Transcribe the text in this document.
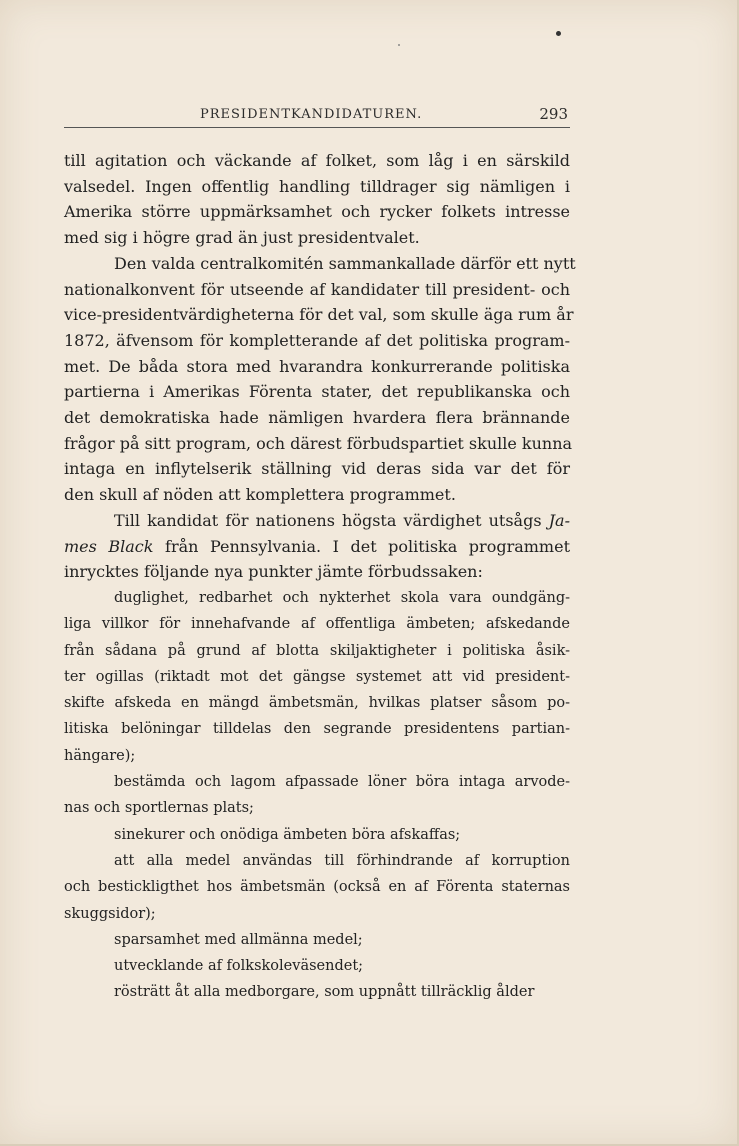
PRESIDENTKANDIDATUREN.	293
till agitation och väckande af folket, som låg i en särskild
valsedel. Ingen offentlig handling tilldrager sig nämligen i
Amerika större uppmärksamhet och rycker folkets intresse
med sig i högre grad än just presidentvalet.
Den valda centralkomitén sammankallade därför ett nytt
nationalkonvent för utseende af kandidater till president- och
vice-presidentvärdigheterna för det val, som skulle äga rum år
1872, äfvensom för kompletterande af det politiska program-
met. De båda stora med hvarandra konkurrerande politiska
partierna i Amerikas Förenta stater, det republikanska och
det demokratiska hade nämligen hvardera flera brännande
frågor på sitt program, och därest förbudspartiet skulle kunna
intaga en inflytelserik ställning vid deras sida var det för
den skull af nöden att komplettera programmet.
Till kandidat för nationens högsta värdighet utsågs Ja-
mes Black från Pennsylvania. I det politiska programmet
inrycktes följande nya punkter jämte förbudssaken:
duglighet, redbarhet och nykterhet skola vara oundgäng-
liga villkor för innehafvande af offentliga ämbeten; afskedande
från sådana på grund af blotta skiljaktigheter i politiska åsik-
ter ogillas (riktadt mot det gängse systemet att vid president-
skifte afskeda en mängd ämbetsmän, hvilkas platser såsom po-
litiska belöningar tilldelas den segrande presidentens partian-
hängare);
bestämda och lagom afpassade löner böra intaga arvode-
nas och sportlernas plats;
sinekurer och onödiga ämbeten böra afskaffas;
att alla medel användas till förhindrande af korruption
och bestickligthet hos ämbetsmän (också en af Förenta staternas
skuggsidor);
sparsamhet med allmänna medel;
utvecklande af folkskoleväsendet;
rösträtt åt alla medborgare, som uppnått tillräcklig ålder
